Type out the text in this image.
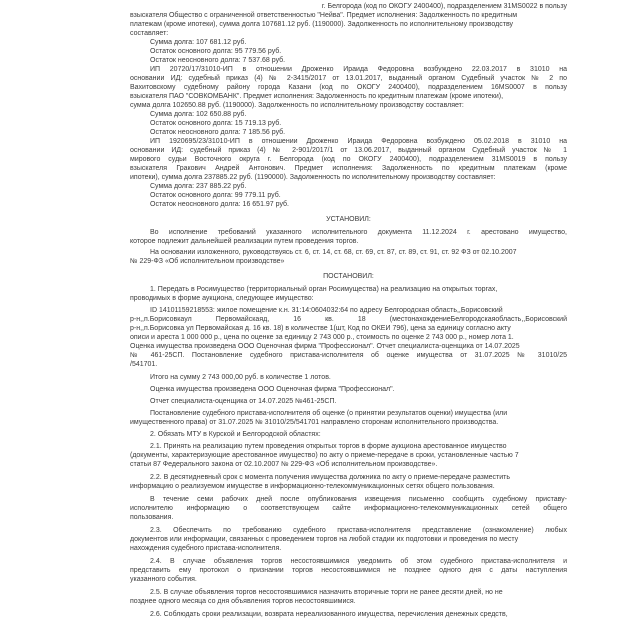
г. Белгорода (код по ОКОГУ 2400400), подразделением 31MS0022 в пользу
взыскателя Общество с ограниченной ответственностью "Нейва". Предмет исполнения: Задолженность по кредитным
платежам (кроме ипотеки), сумма долга 107681.12 руб. (1190000). Задолженность по исполнительному производству
составляет:
Сумма долга: 107 681.12 руб.
Остаток основного долга: 95 779.56 руб.
Остаток неосновного долга: 7 537.68 руб.
ИП 20720/17/31010-ИП в отношении Дроженко Ираида Федоровна возбуждено 22.03.2017 в 31010 на
основании ИД: судебный приказ (4) № 2-3415/2017 от 13.01.2017, выданный органом Судебный участок № 2 по
Вахитовскому судебному району города Казани (код по ОКОГУ 2400400), подразделением 16MS0007 в пользу
взыскателя ПАО "СОВКОМБАНК". Предмет исполнения: Задолженность по кредитным платежам (кроме ипотеки),
сумма долга 102650.88 руб. (1190000). Задолженность по исполнительному производству составляет:
Сумма долга: 102 650.88 руб.
Остаток основного долга: 15 719.13 руб.
Остаток неосновного долга: 7 185.56 руб.
ИП 1920695/23/31010-ИП в отношении Дроженко Ираида Федоровна возбуждено 05.02.2018 в 31010 на
основании ИД: судебный приказ (4) № 2-901/2017/1 от 13.06.2017, выданный органом Судебный участок № 1
мирового судьи Восточного округа г. Белгорода (код по ОКОГУ 2400400), подразделением 31MS0019 в пользу
взыскателя Гракович Андрей Антонович. Предмет исполнения: Задолженность по кредитным платежам (кроме
ипотеки), сумма долга 237885.22 руб. (1190000). Задолженность по исполнительному производству составляет:
Сумма долга: 237 885.22 руб.
Остаток основного долга: 99 779.11 руб.
Остаток неосновного долга: 16 651.97 руб.
УСТАНОВИЛ:
Во исполнение требований указанного исполнительного документа 11.12.2024 г. арестовано имущество,
которое подлежит дальнейшей реализации путем проведения торгов.
На основании изложенного, руководствуясь ст. 6, ст. 14, ст. 68, ст. 69, ст. 87, ст. 89, ст. 91, ст. 92 ФЗ от 02.10.2007
№ 229-ФЗ «Об исполнительном производстве»
ПОСТАНОВИЛ:
1. Передать в Росимущество (территориальный орган Росимущества) на реализацию на открытых торгах,
проводимых в форме аукциона, следующее имущество:
ID 14101159218553: жилое помещение к.н. 31:14:0604032:64 по адресу Белгородская область,,Борисовский
р-н,,п.Борисовкаул Первомайскаяд, 16 кв. 18 (местонахождениеБелгородскаяобласть,,Борисовский
р-н,,п.Борисовка ул Первомайская д. 16 кв. 18) в количестве 1(шт, Код по ОКЕИ 796), цена за единицу согласно акту
описи и ареста 1 000 000 р., цена по оценке за единицу 2 743 000 р., стоимость по оценке 2 743 000 р., номер лота 1.
Оценка имущества произведена ООО Оценочная фирма "Профессионал". Отчет специалиста-оценщика от 14.07.2025
№ 461-25СП. Постановление судебного пристава-исполнителя об оценке имущества от 31.07.2025 № 31010/25
/541701.
Итого на сумму 2 743 000,00 руб. в количестве 1 лотов.
Оценка имущества произведена ООО Оценочная фирма "Профессионал".
Отчет специалиста-оценщика от 14.07.2025 №461-25СП.
Постановление судебного пристава-исполнителя об оценке (о принятии результатов оценки) имущества (или
имущественного права) от 31.07.2025 № 31010/25/541701 направлено сторонам исполнительного производства.
2. Обязать МТУ в Курской и Белгородской областях:
2.1. Принять на реализацию путем проведения открытых торгов в форме аукциона арестованное имущество
(документы, характеризующие арестованное имущество) по акту о приеме-передаче в сроки, установленные частью 7
статьи 87 Федерального закона от 02.10.2007 № 229-ФЗ «Об исполнительном производстве».
2.2. В десятидневный срок с момента получения имущества должника по акту о приеме-передаче разместить
информацию о реализуемом имуществе в информационно-телекоммуникационных сетях общего пользования.
В течение семи рабочих дней после опубликования извещения письменно сообщить судебному приставу-
исполнителю информацию о соответствующем сайте информационно-телекоммуникационных сетей общего
пользования.
2.3. Обеспечить по требованию судебного пристава-исполнителя представление (ознакомление) любых
документов или информации, связанных с проведением торгов на любой стадии их подготовки и проведения по месту
нахождения судебного пристава-исполнителя.
2.4. В случае объявления торгов несостоявшимися уведомить об этом судебного пристава-исполнителя и
представить ему протокол о признании торгов несостоявшимися не позднее одного дня с даты наступления
указанного события.
2.5. В случае объявления торгов несостоявшимися назначить вторичные торги не ранее десяти дней, но не
позднее одного месяца со дня объявления торгов несостоявшимися.
2.6. Соблюдать сроки реализации, возврата нереализованного имущества, перечисления денежных средств,
